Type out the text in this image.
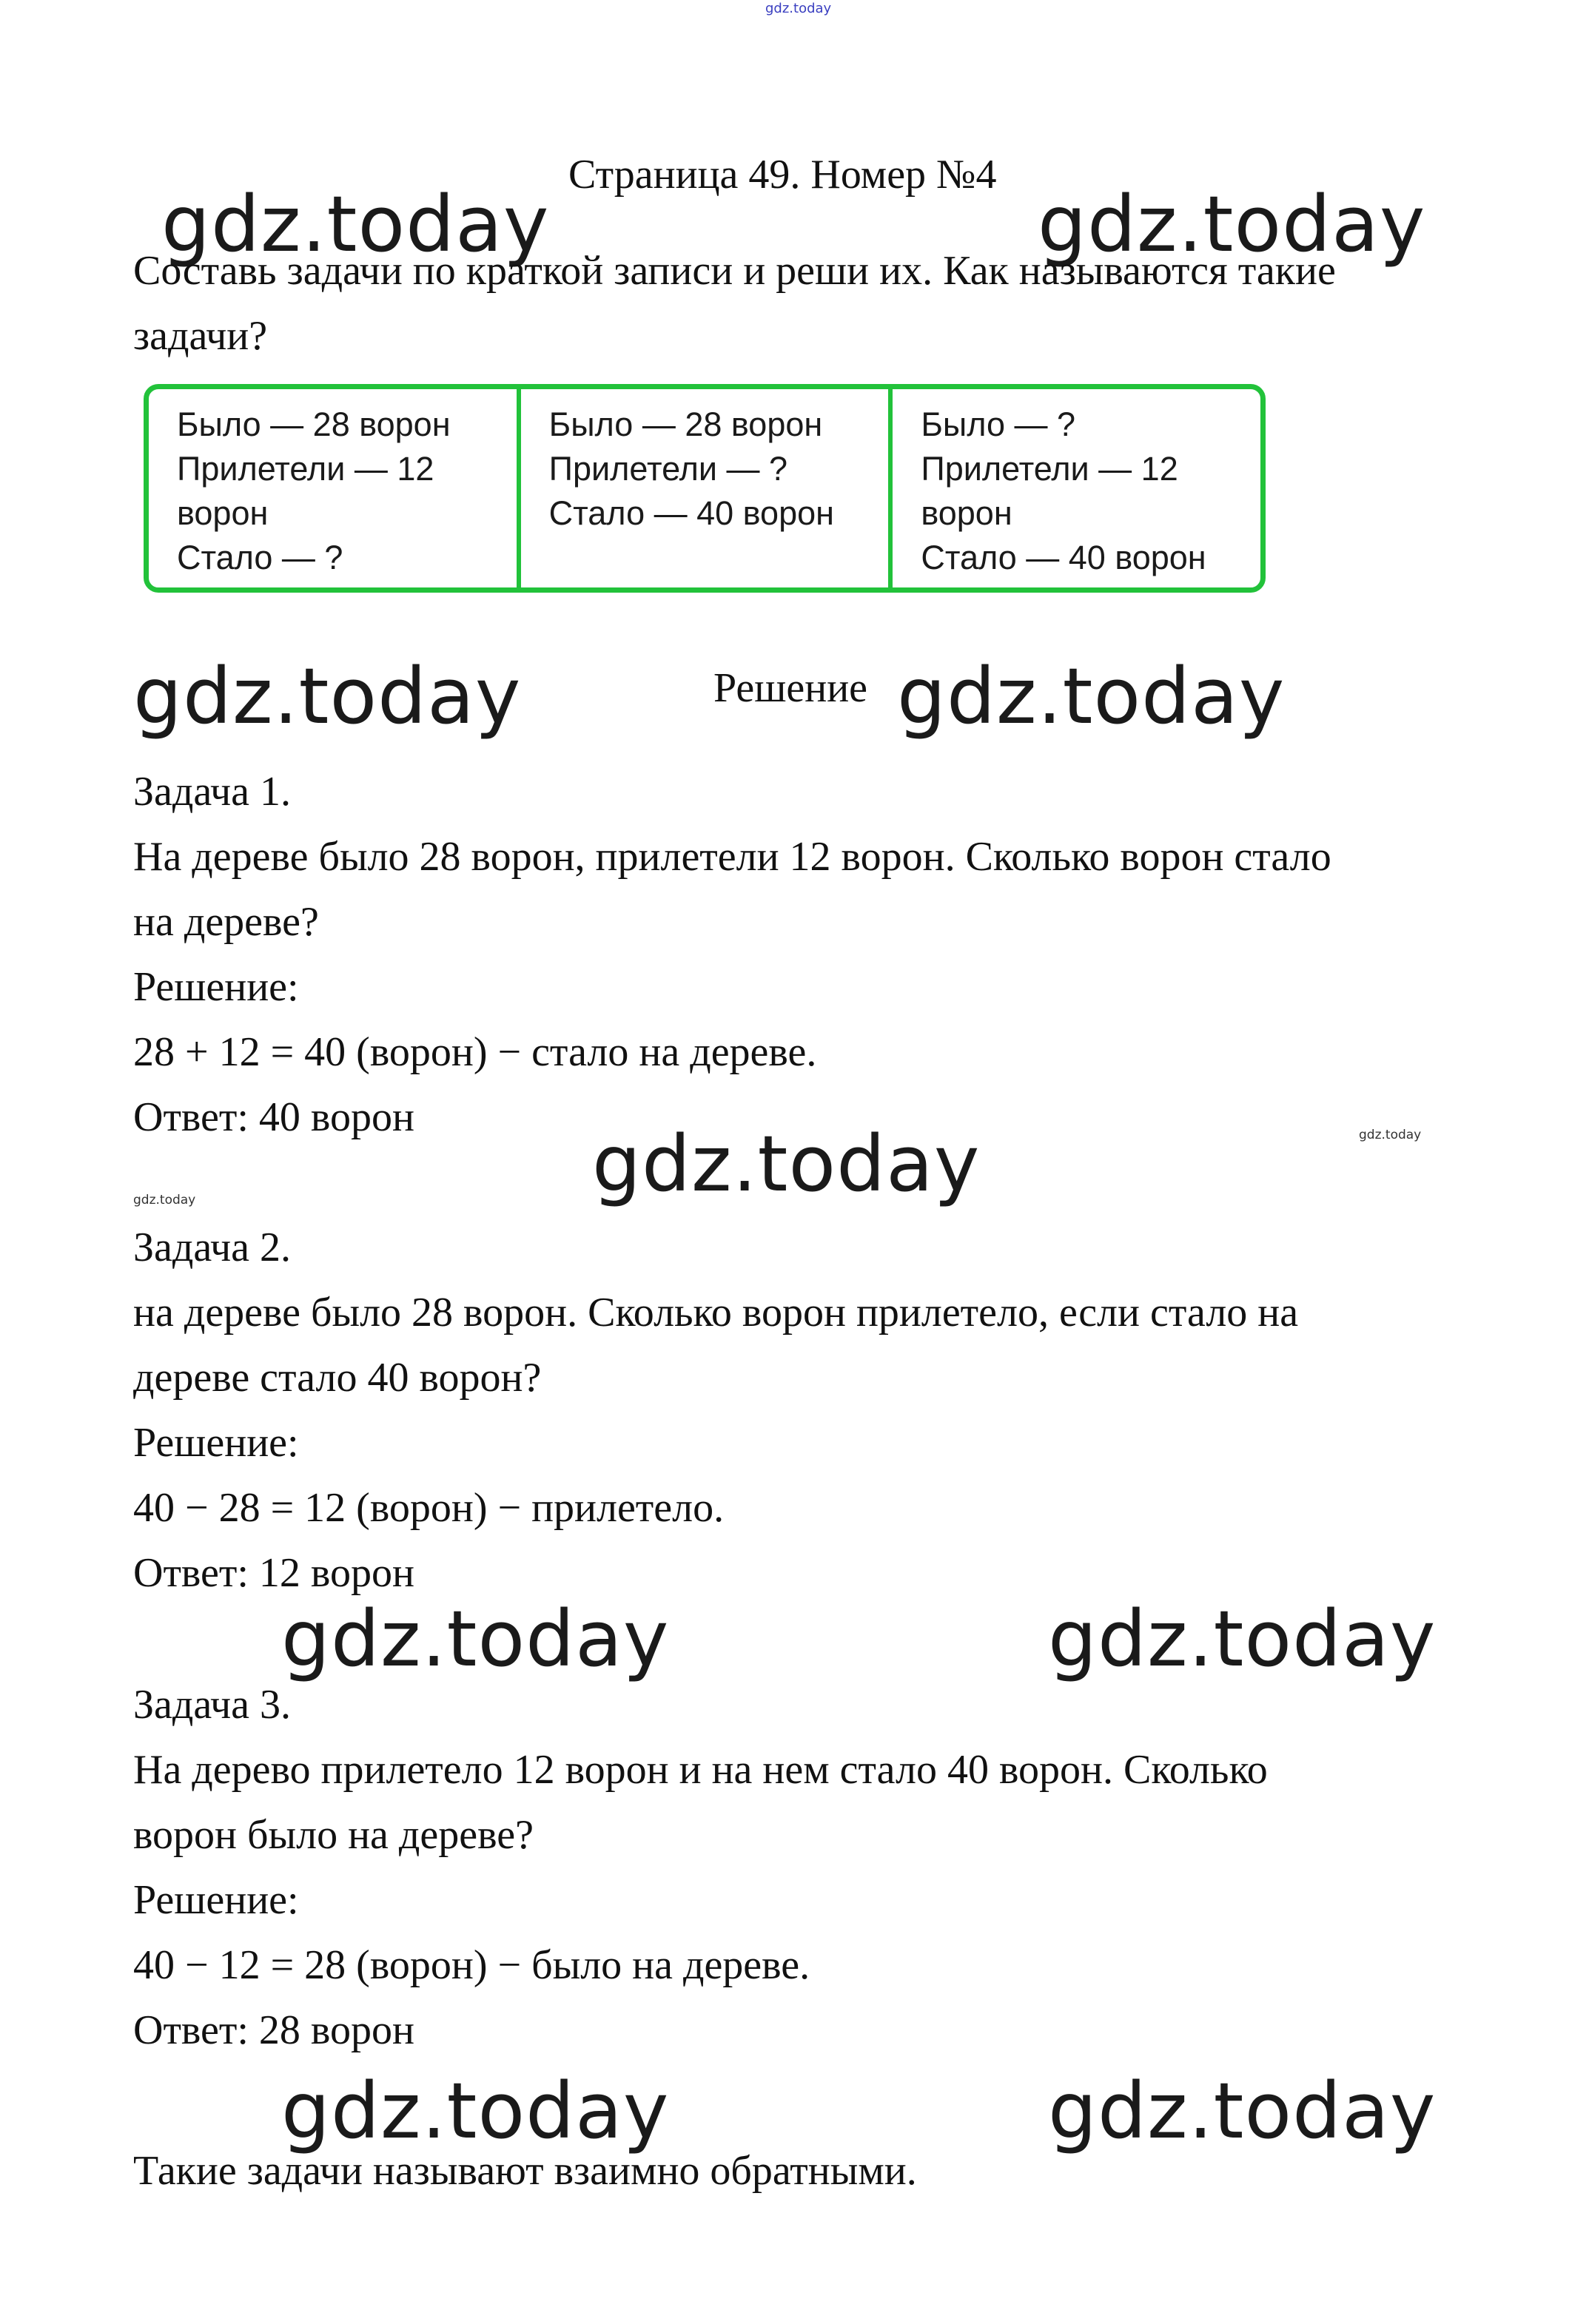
gdz.today
Страница 49. Номер №4
gdz.today	gdz.today
Составь задачи по краткой записи и реши их. Как называются такие
задачи?
Было — 28 ворон
Прилетели — 12
ворон
Стало — ?
Было — 28 ворон
Прилетели — ?
Стало — 40 ворон
Было — ?
Прилетели — 12
ворон
Стало — 40 ворон
gdz.today	Решение gdz.today
Задача 1.
На дереве было 28 ворон, прилетели 12 ворон. Сколько ворон стало
на дереве?
Решение:
28 + 12 = 40 (ворон) − стало на дереве.
Ответ: 40 ворон	gdz.today
gdz.today
gdz.today
Задача 2.
на дереве было 28 ворон. Сколько ворон прилетело, если стало на
дереве стало 40 ворон?
Решение:
40 − 28 = 12 (ворон) − прилетело.
Ответ: 12 ворон
gdz.today	gdz.today
Задача 3.
На дерево прилетело 12 ворон и на нем стало 40 ворон. Сколько
ворон было на дереве?
Решение:
40 − 12 = 28 (ворон) − было на дереве.
Ответ: 28 ворон
gdz.today	gdz.today
Такие задачи называют взаимно обратными.
